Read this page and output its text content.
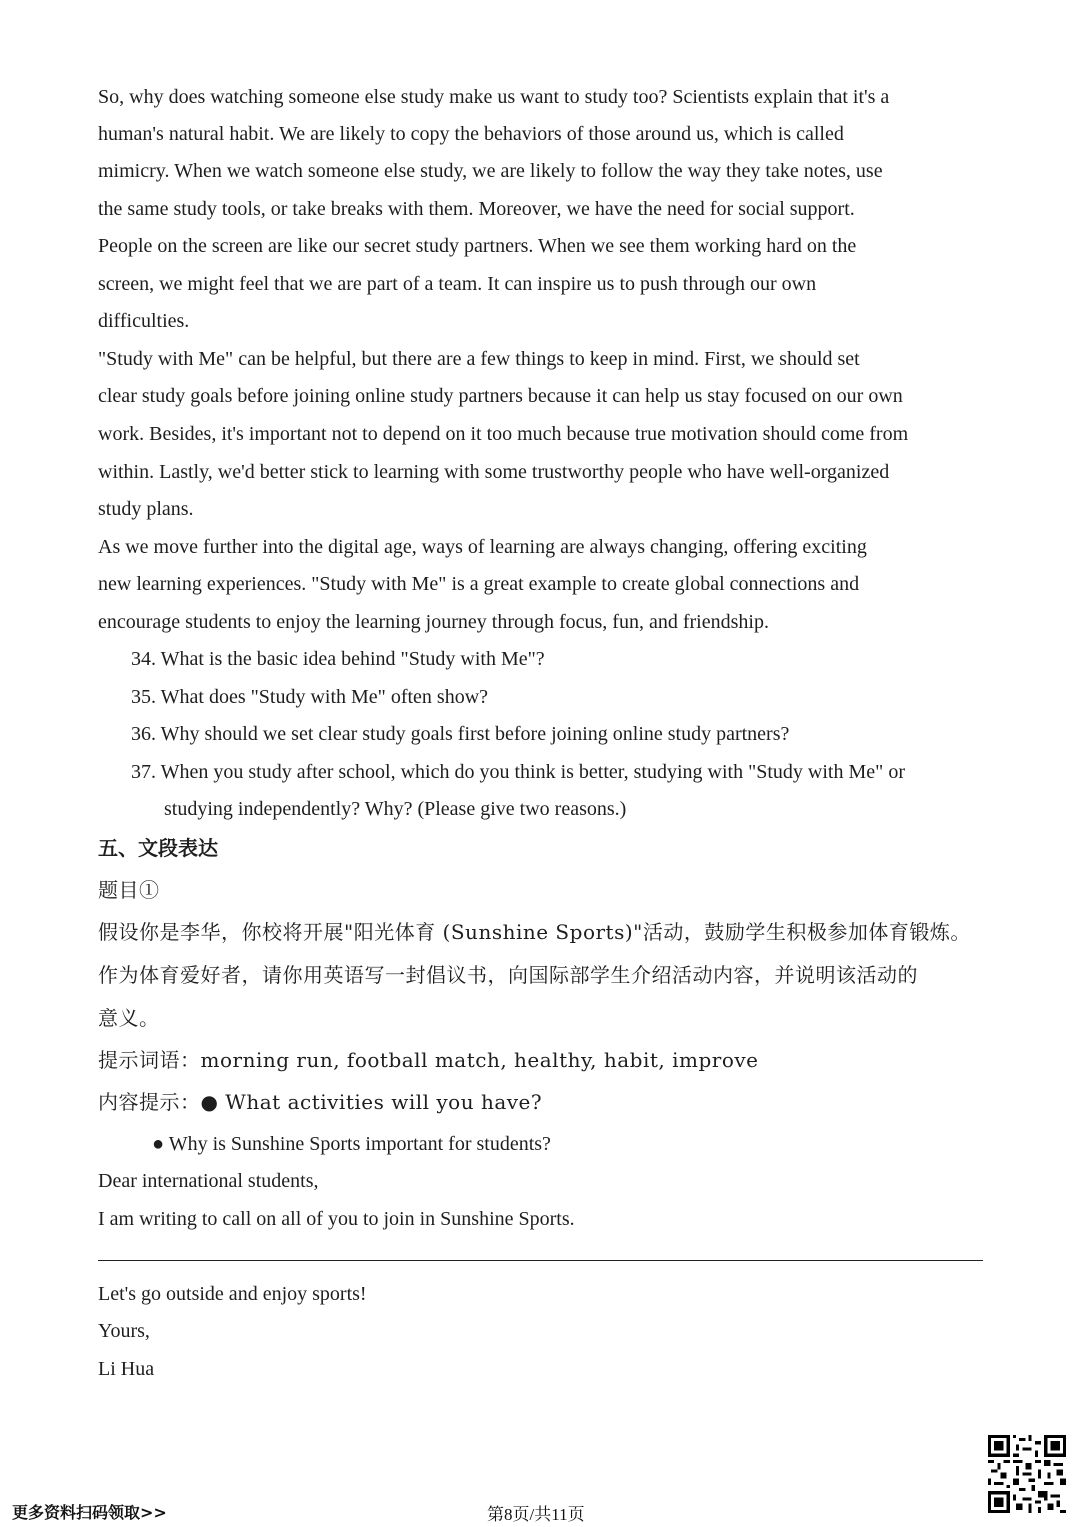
So, why does watching someone else study make us want to study too? Scientists explain that it's a
human's natural habit. We are likely to copy the behaviors of those around us, which is called
mimicry. When we watch someone else study, we are likely to follow the way they take notes, use
the same study tools, or take breaks with them. Moreover, we have the need for social support.
People on the screen are like our secret study partners. When we see them working hard on the
screen, we might feel that we are part of a team. It can inspire us to push through our own
difficulties.
"Study with Me" can be helpful, but there are a few things to keep in mind. First, we should set
clear study goals before joining online study partners because it can help us stay focused on our own
work. Besides, it's important not to depend on it too much because true motivation should come from
within. Lastly, we'd better stick to learning with some trustworthy people who have well-organized
study plans.
As we move further into the digital age, ways of learning are always changing, offering exciting
new learning experiences. "Study with Me" is a great example to create global connections and
encourage students to enjoy the learning journey through focus, fun, and friendship.
34. What is the basic idea behind "Study with Me"?
35. What does "Study with Me" often show?
36. Why should we set clear study goals first before joining online study partners?
37. When you study after school, which do you think is better, studying with "Study with Me" or
studying independently? Why? (Please give two reasons.)
五、文段表达
题目①
假设你是李华，你校将开展"阳光体育 (Sunshine Sports)"活动，鼓励学生积极参加体育锻炼。
作为体育爱好者，请你用英语写一封倡议书，向国际部学生介绍活动内容，并说明该活动的
意义。
提示词语：morning run, football match, healthy, habit, improve
内容提示：● What activities will you have?
● Why is Sunshine Sports important for students?
Dear international students,
I am writing to call on all of you to join in Sunshine Sports.
Let's go outside and enjoy sports!
Yours,
Li Hua
更多资料扫码领取>>	第8页/共11页
